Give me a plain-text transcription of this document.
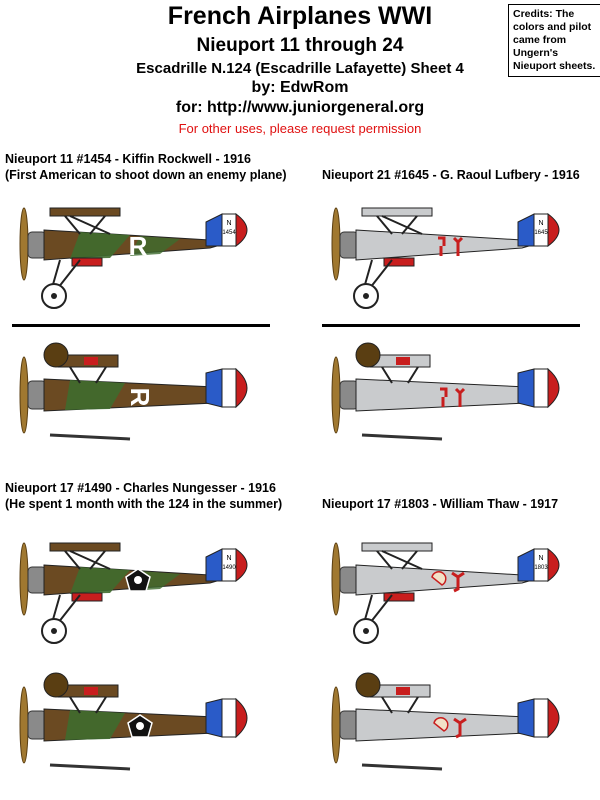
French Airplanes WWI
Nieuport 11 through 24
Escadrille N.124 (Escadrille Lafayette) Sheet 4
by: EdwRom
for: http://www.juniorgeneral.org
For other uses, please request permission
Credits: The colors and pilot came from Ungern's Nieuport sheets.
Nieuport 11 #1454 - Kiffin Rockwell - 1916
(First American to shoot down an enemy plane)	Nieuport 21 #1645 - G. Raoul Lufbery - 1916
Nieuport 17 #1490 - Charles Nungesser - 1916
(He spent 1 month with the 124 in the summer)	Nieuport 17 #1803 - William Thaw - 1917
N
1454
R
R
N
1645
N
1490
N
1803
